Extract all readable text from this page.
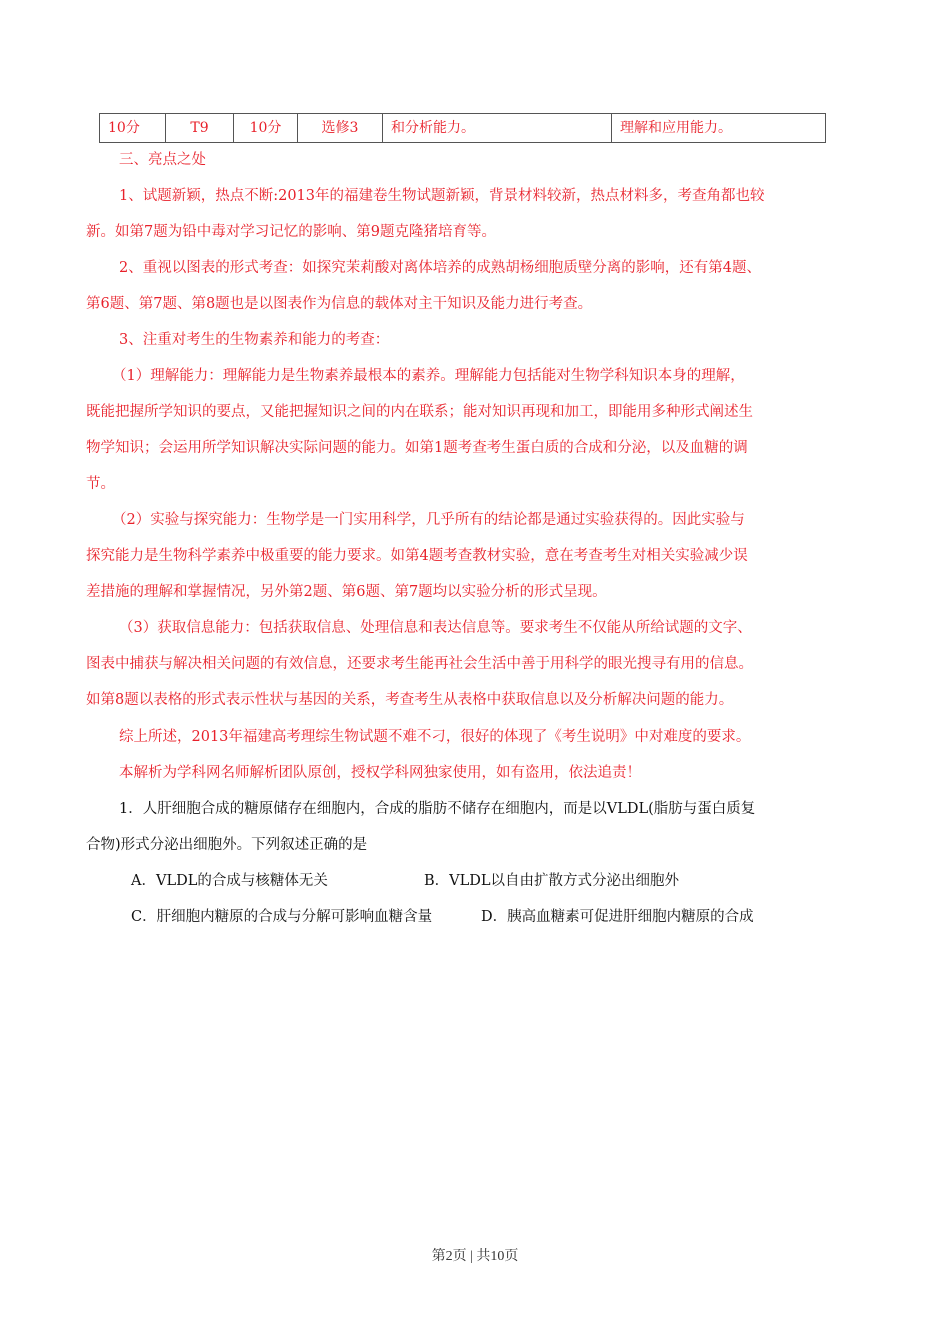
10分	T9	10分	选修3	和分析能力。	理解和应用能力。
三、亮点之处
1、试题新颖，热点不断:2013年的福建卷生物试题新颖，背景材料较新，热点材料多，考查角都也较
新。如第7题为铅中毒对学习记忆的影响、第9题克隆猪培育等。
2、重视以图表的形式考查：如探究茉莉酸对离体培养的成熟胡杨细胞质壁分离的影响，还有第4题、
第6题、第7题、第8题也是以图表作为信息的载体对主干知识及能力进行考查。
3、注重对考生的生物素养和能力的考查：
（1）理解能力：理解能力是生物素养最根本的素养。理解能力包括能对生物学科知识本身的理解，
既能把握所学知识的要点，又能把握知识之间的内在联系；能对知识再现和加工，即能用多种形式阐述生
物学知识；会运用所学知识解决实际问题的能力。如第1题考查考生蛋白质的合成和分泌，以及血糖的调
节。
（2）实验与探究能力：生物学是一门实用科学，几乎所有的结论都是通过实验获得的。因此实验与
探究能力是生物科学素养中极重要的能力要求。如第4题考查教材实验，意在考查考生对相关实验减少误
差措施的理解和掌握情况，另外第2题、第6题、第7题均以实验分析的形式呈现。
（3）获取信息能力：包括获取信息、处理信息和表达信息等。要求考生不仅能从所给试题的文字、
图表中捕获与解决相关问题的有效信息，还要求考生能再社会生活中善于用科学的眼光搜寻有用的信息。
如第8题以表格的形式表示性状与基因的关系，考查考生从表格中获取信息以及分析解决问题的能力。
综上所述，2013年福建高考理综生物试题不难不刁，很好的体现了《考生说明》中对难度的要求。
本解析为学科网名师解析团队原创，授权学科网独家使用，如有盗用，依法追责！
1．人肝细胞合成的糖原储存在细胞内，合成的脂肪不储存在细胞内，而是以VLDL(脂肪与蛋白质复
合物)形式分泌出细胞外。下列叙述正确的是
A．VLDL的合成与核糖体无关	B．VLDL以自由扩散方式分泌出细胞外
C．肝细胞内糖原的合成与分解可影响血糖含量	D．胰高血糖素可促进肝细胞内糖原的合成
第2页 | 共10页
